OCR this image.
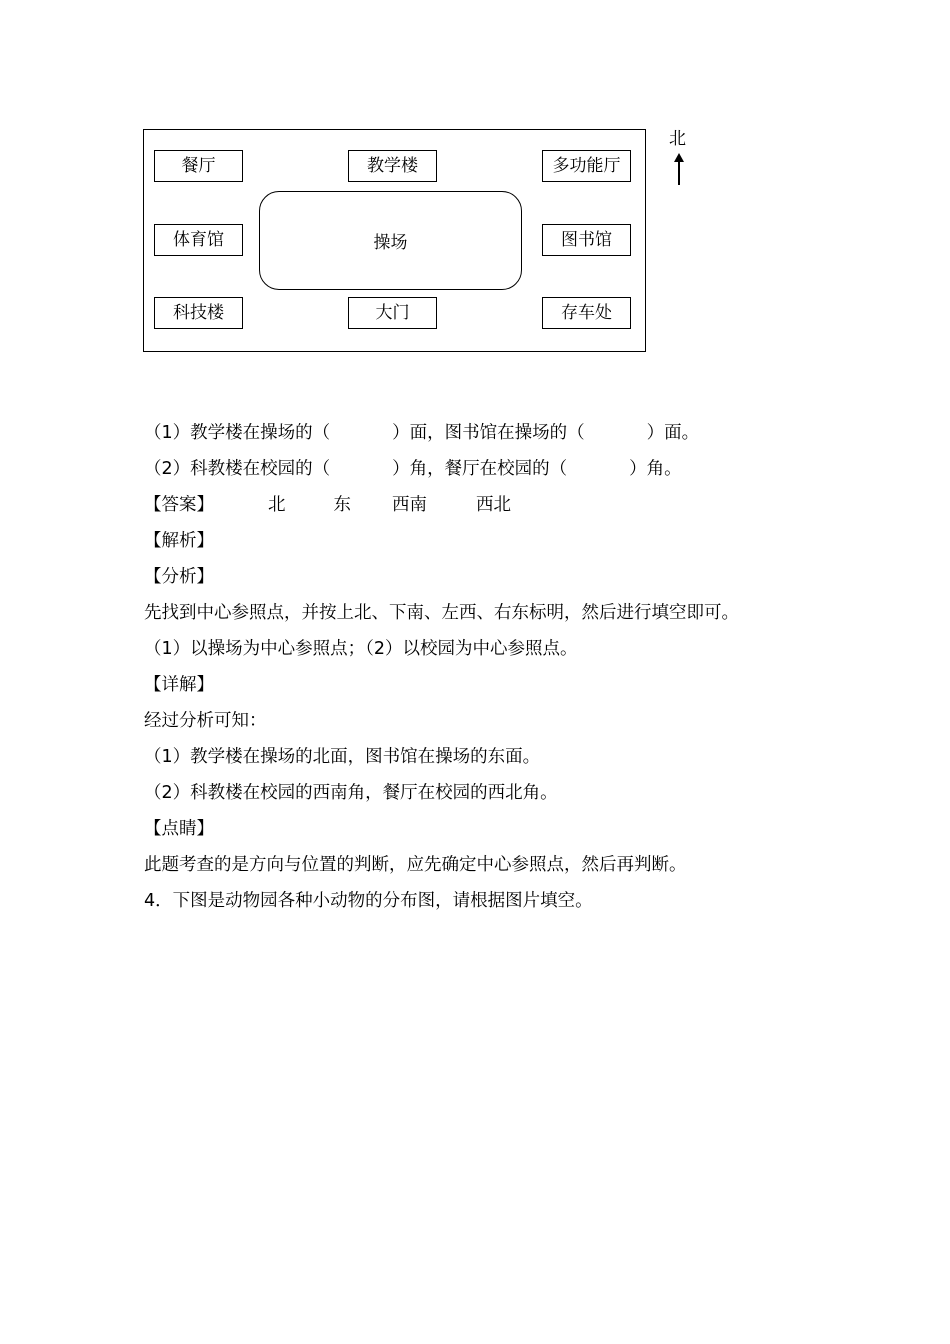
餐厅	教学楼	多功能厅
体育馆	操场	图书馆
科技楼	大门	存车处
北
（1）教学楼在操场的（	）面，图书馆在操场的（	）面。
（2）科教楼在校园的（	）角，餐厅在校园的（	）角。
【答案】	北	东 西南	西北
【解析】
【分析】
先找到中心参照点，并按上北、下南、左西、右东标明，然后进行填空即可。
（1）以操场为中心参照点；（2）以校园为中心参照点。
【详解】
经过分析可知：
（1）教学楼在操场的北面，图书馆在操场的东面。
（2）科教楼在校园的西南角，餐厅在校园的西北角。
【点睛】
此题考查的是方向与位置的判断，应先确定中心参照点，然后再判断。
4．下图是动物园各种小动物的分布图，请根据图片填空。
